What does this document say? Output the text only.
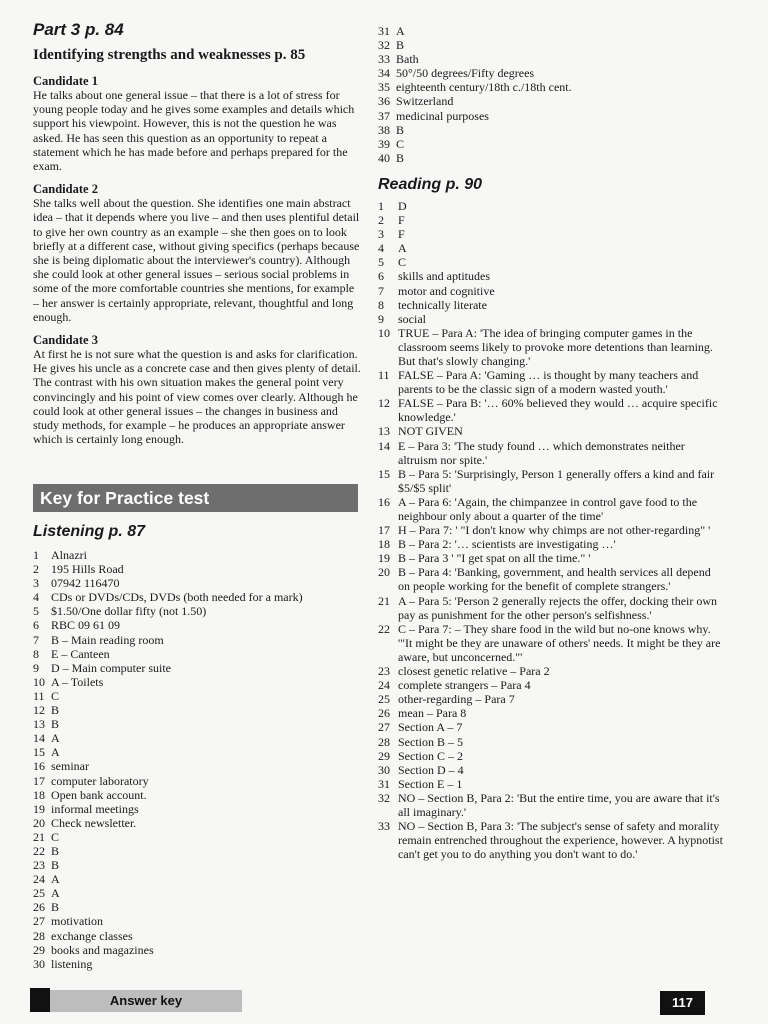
Part 3 p. 84
Identifying strengths and weaknesses p. 85
Candidate 1
He talks about one general issue – that there is a lot of stress for young people today and he gives some examples and details which support his viewpoint. However, this is not the question he was asked. He has seen this question as an opportunity to repeat a statement which he has made before and perhaps prepared for the exam.
Candidate 2
She talks well about the question. She identifies one main abstract idea – that it depends where you live – and then uses plentiful detail to give her own country as an example – she then goes on to look briefly at a different case, without giving specifics (perhaps because she is being diplomatic about the interviewer's country). Although she could look at other general issues – serious social problems in some of the more comfortable countries she mentions, for example – her answer is certainly appropriate, relevant, thoughtful and long enough.
Candidate 3
At first he is not sure what the question is and asks for clarification. He gives his uncle as a concrete case and then gives plenty of detail. The contrast with his own situation makes the general point very convincingly and his point of view comes over clearly. Although he could look at other general issues – the changes in business and study methods, for example – he produces an appropriate answer which is certainly long enough.
Key for Practice test
Listening p. 87
1	Alnazri
2	195 Hills Road
3	07942 116470
4	CDs or DVDs/CDs, DVDs (both needed for a mark)
5	$1.50/One dollar fifty (not 1.50)
6	RBC 09 61 09
7	B – Main reading room
8	E – Canteen
9	D – Main computer suite
10 A – Toilets
11 C
12 B
13 B
14 A
15 A
16 seminar
17 computer laboratory
18 Open bank account.
19 informal meetings
20 Check newsletter.
21 C
22 B
23 B
24 A
25 A
26 B
27 motivation
28 exchange classes
29 books and magazines
30 listening
31 A
32 B
33 Bath
34 50°/50 degrees/Fifty degrees
35 eighteenth century/18th c./18th cent.
36 Switzerland
37 medicinal purposes
38 B
39 C
40 B
Reading p. 90
1	D
2	F
3	F
4	A
5	C
6	skills and aptitudes
7	motor and cognitive
8	technically literate
9	social
10 TRUE – Para A: 'The idea of bringing computer games in the classroom seems likely to provoke more detentions than learning. But that's slowly changing.'
11 FALSE – Para A: 'Gaming … is thought by many teachers and parents to be the classic sign of a modern wasted youth.'
12 FALSE – Para B: '… 60% believed they would … acquire specific knowledge.'
13 NOT GIVEN
14 E – Para 3: 'The study found … which demonstrates neither altruism nor spite.'
15 B – Para 5: 'Surprisingly, Person 1 generally offers a kind and fair $5/$5 split'
16 A – Para 6: 'Again, the chimpanzee in control gave food to the neighbour only about a quarter of the time'
17 H – Para 7: ' "I don't know why chimps are not other-regarding" '
18 B – Para 2: '… scientists are investigating …'
19 B – Para 3 ' "I get spat on all the time." '
20 B – Para 4: 'Banking, government, and health services all depend on people working for the benefit of complete strangers.'
21 A – Para 5: 'Person 2 generally rejects the offer, docking their own pay as punishment for the other person's selfishness.'
22 C – Para 7: – They share food in the wild but no-one knows why. '"It might be they are unaware of others' needs. It might be they are aware, but unconcerned."'
23 closest genetic relative – Para 2
24 complete strangers – Para 4
25 other-regarding – Para 7
26 mean – Para 8
27 Section A – 7
28 Section B – 5
29 Section C – 2
30 Section D – 4
31 Section E – 1
32 NO – Section B, Para 2: 'But the entire time, you are aware that it's all imaginary.'
33 NO – Section B, Para 3: 'The subject's sense of safety and morality remain entrenched throughout the experience, however. A hypnotist can't get you to do anything you don't want to do.'
Answer key	117
